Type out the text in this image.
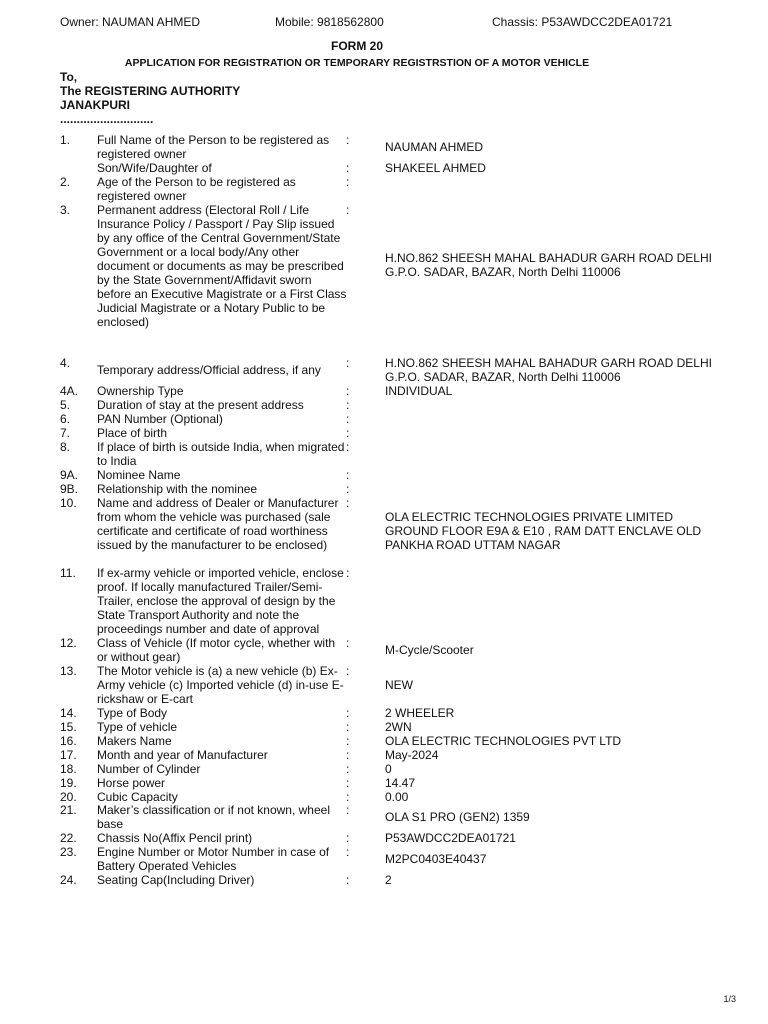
Owner: NAUMAN AHMED	Mobile: 9818562800	Chassis: P53AWDCC2DEA01721
FORM 20
APPLICATION FOR REGISTRATION OR TEMPORARY REGISTRSTION OF A MOTOR VEHICLE
To,
The REGISTERING AUTHORITY
JANAKPURI
............................
1. Full Name of the Person to be registered as registered owner
:	NAUMAN AHMED
Son/Wife/Daughter of	:	SHAKEEL AHMED
2. Age of the Person to be registered as registered owner
:
3. Permanent address (Electoral Roll / Life Insurance Policy / Passport / Pay Slip issued by any office of the Central Government/State Government or a local body/Any other document or documents as may be prescribed by the State Government/Affidavit sworn before an Executive Magistrate or a First Class Judicial Magistrate or a Notary Public to be enclosed)
:
H.NO.862 SHEESH MAHAL BAHADUR GARH ROAD DELHI G.P.O. SADAR, BAZAR, North Delhi 110006
4. Temporary address/Official address, if any	:	H.NO.862 SHEESH MAHAL BAHADUR GARH ROAD DELHI G.P.O. SADAR, BAZAR, North Delhi 110006
4A. Ownership Type	:	INDIVIDUAL
5. Duration of stay at the present address	:
6. PAN Number (Optional)	:
7. Place of birth	:
8. If place of birth is outside India, when migrated to India
:
9A. Nominee Name	:
9B. Relationship with the nominee	:
10. Name and address of Dealer or Manufacturer from whom the vehicle was purchased (sale certificate and certificate of road worthiness issued by the manufacturer to be enclosed)
:
OLA ELECTRIC TECHNOLOGIES PRIVATE LIMITED GROUND FLOOR E9A & E10 , RAM DATT ENCLAVE OLD PANKHA ROAD UTTAM NAGAR
11. If ex-army vehicle or imported vehicle, enclose proof. If locally manufactured Trailer/Semi-Trailer, enclose the approval of design by the State Transport Authority and note the proceedings number and date of approval
:
12. Class of Vehicle (If motor cycle, whether with or without gear)
:	M-Cycle/Scooter
13. The Motor vehicle is (a) a new vehicle (b) Ex-Army vehicle (c) Imported vehicle (d) in-use E-rickshaw or E-cart
:
NEW
14. Type of Body	:	2 WHEELER
15. Type of vehicle	:	2WN
16. Makers Name	:	OLA ELECTRIC TECHNOLOGIES PVT LTD
17. Month and year of Manufacturer	:	May-2024
18. Number of Cylinder	:	0
19. Horse power	:	14.47
20. Cubic Capacity	:	0.00
21. Maker’s classification or if not known, wheel base
:	OLA S1 PRO (GEN2) 1359
22. Chassis No(Affix Pencil print)	:	P53AWDCC2DEA01721
23. Engine Number or Motor Number in case of Battery Operated Vehicles
:	M2PC0403E40437
24. Seating Cap(Including Driver)	:	2
1/3
